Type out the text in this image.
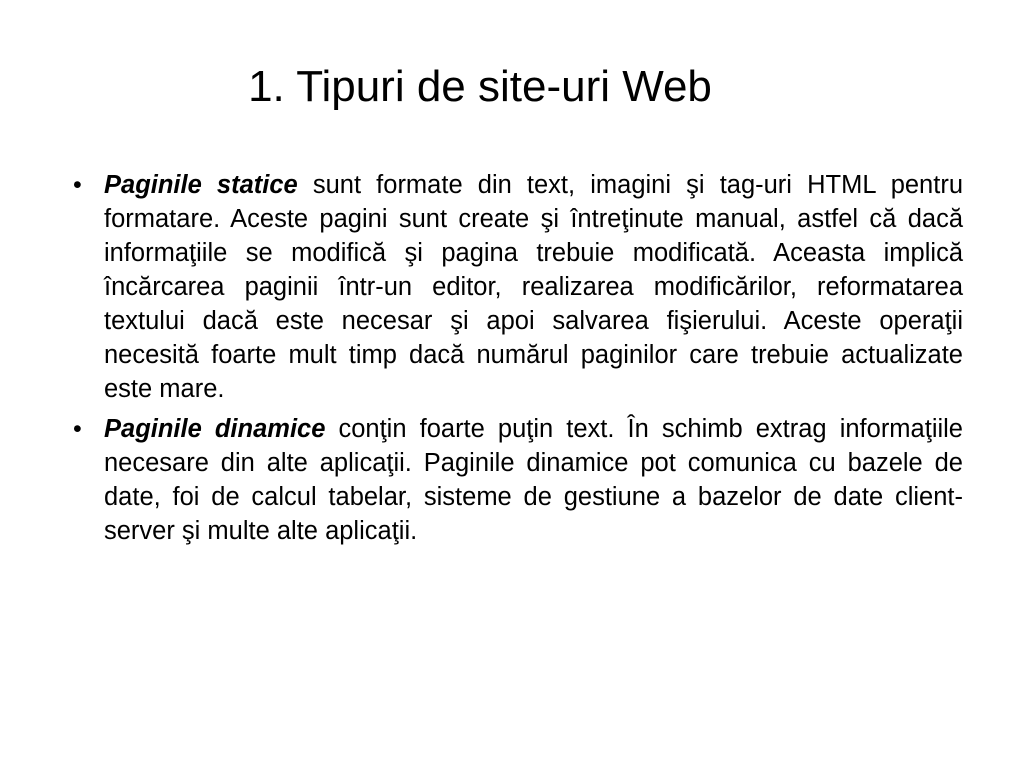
1. Tipuri de site-uri Web
• Paginile statice sunt formate din text, imagini şi tag-uri HTML pentru formatare. Aceste pagini sunt create şi întreţinute manual, astfel că dacă informaţiile se modifică şi pagina trebuie modificată. Aceasta implică încărcarea paginii într-un editor, realizarea modificărilor, reformatarea textului dacă este necesar şi apoi salvarea fişierului. Aceste operaţii necesită foarte mult timp dacă numărul paginilor care trebuie actualizate este mare.
• Paginile dinamice conţin foarte puţin text. În schimb extrag informaţiile necesare din alte aplicaţii. Paginile dinamice pot comunica cu bazele de date, foi de calcul tabelar, sisteme de gestiune a bazelor de date client-server şi multe alte aplicaţii.
